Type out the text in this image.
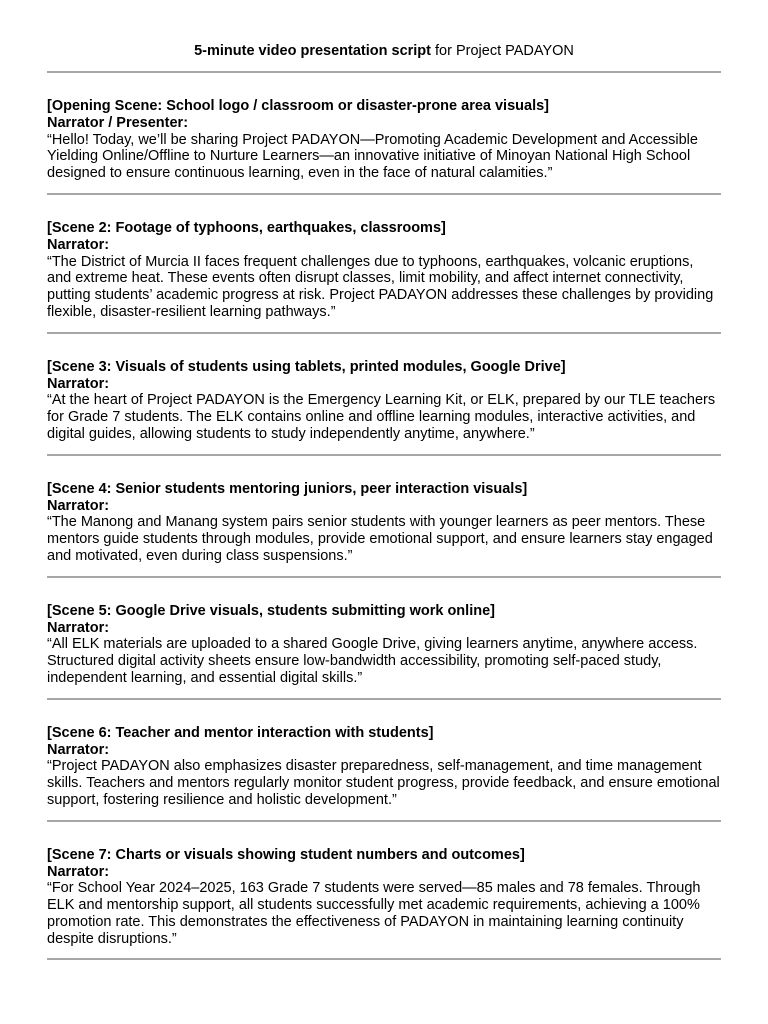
5-minute video presentation script for Project PADAYON
[Opening Scene: School logo / classroom or disaster-prone area visuals]
Narrator / Presenter:
“Hello! Today, we’ll be sharing Project PADAYON—Promoting Academic Development and Accessible Yielding Online/Offline to Nurture Learners—an innovative initiative of Minoyan National High School designed to ensure continuous learning, even in the face of natural calamities.”
[Scene 2: Footage of typhoons, earthquakes, classrooms]
Narrator:
“The District of Murcia II faces frequent challenges due to typhoons, earthquakes, volcanic eruptions, and extreme heat. These events often disrupt classes, limit mobility, and affect internet connectivity, putting students’ academic progress at risk. Project PADAYON addresses these challenges by providing flexible, disaster-resilient learning pathways.”
[Scene 3: Visuals of students using tablets, printed modules, Google Drive]
Narrator:
“At the heart of Project PADAYON is the Emergency Learning Kit, or ELK, prepared by our TLE teachers for Grade 7 students. The ELK contains online and offline learning modules, interactive activities, and digital guides, allowing students to study independently anytime, anywhere.”
[Scene 4: Senior students mentoring juniors, peer interaction visuals]
Narrator:
“The Manong and Manang system pairs senior students with younger learners as peer mentors. These mentors guide students through modules, provide emotional support, and ensure learners stay engaged and motivated, even during class suspensions.”
[Scene 5: Google Drive visuals, students submitting work online]
Narrator:
“All ELK materials are uploaded to a shared Google Drive, giving learners anytime, anywhere access. Structured digital activity sheets ensure low-bandwidth accessibility, promoting self-paced study, independent learning, and essential digital skills.”
[Scene 6: Teacher and mentor interaction with students]
Narrator:
“Project PADAYON also emphasizes disaster preparedness, self-management, and time management skills. Teachers and mentors regularly monitor student progress, provide feedback, and ensure emotional support, fostering resilience and holistic development.”
[Scene 7: Charts or visuals showing student numbers and outcomes]
Narrator:
“For School Year 2024–2025, 163 Grade 7 students were served—85 males and 78 females. Through ELK and mentorship support, all students successfully met academic requirements, achieving a 100% promotion rate. This demonstrates the effectiveness of PADAYON in maintaining learning continuity despite disruptions.”
